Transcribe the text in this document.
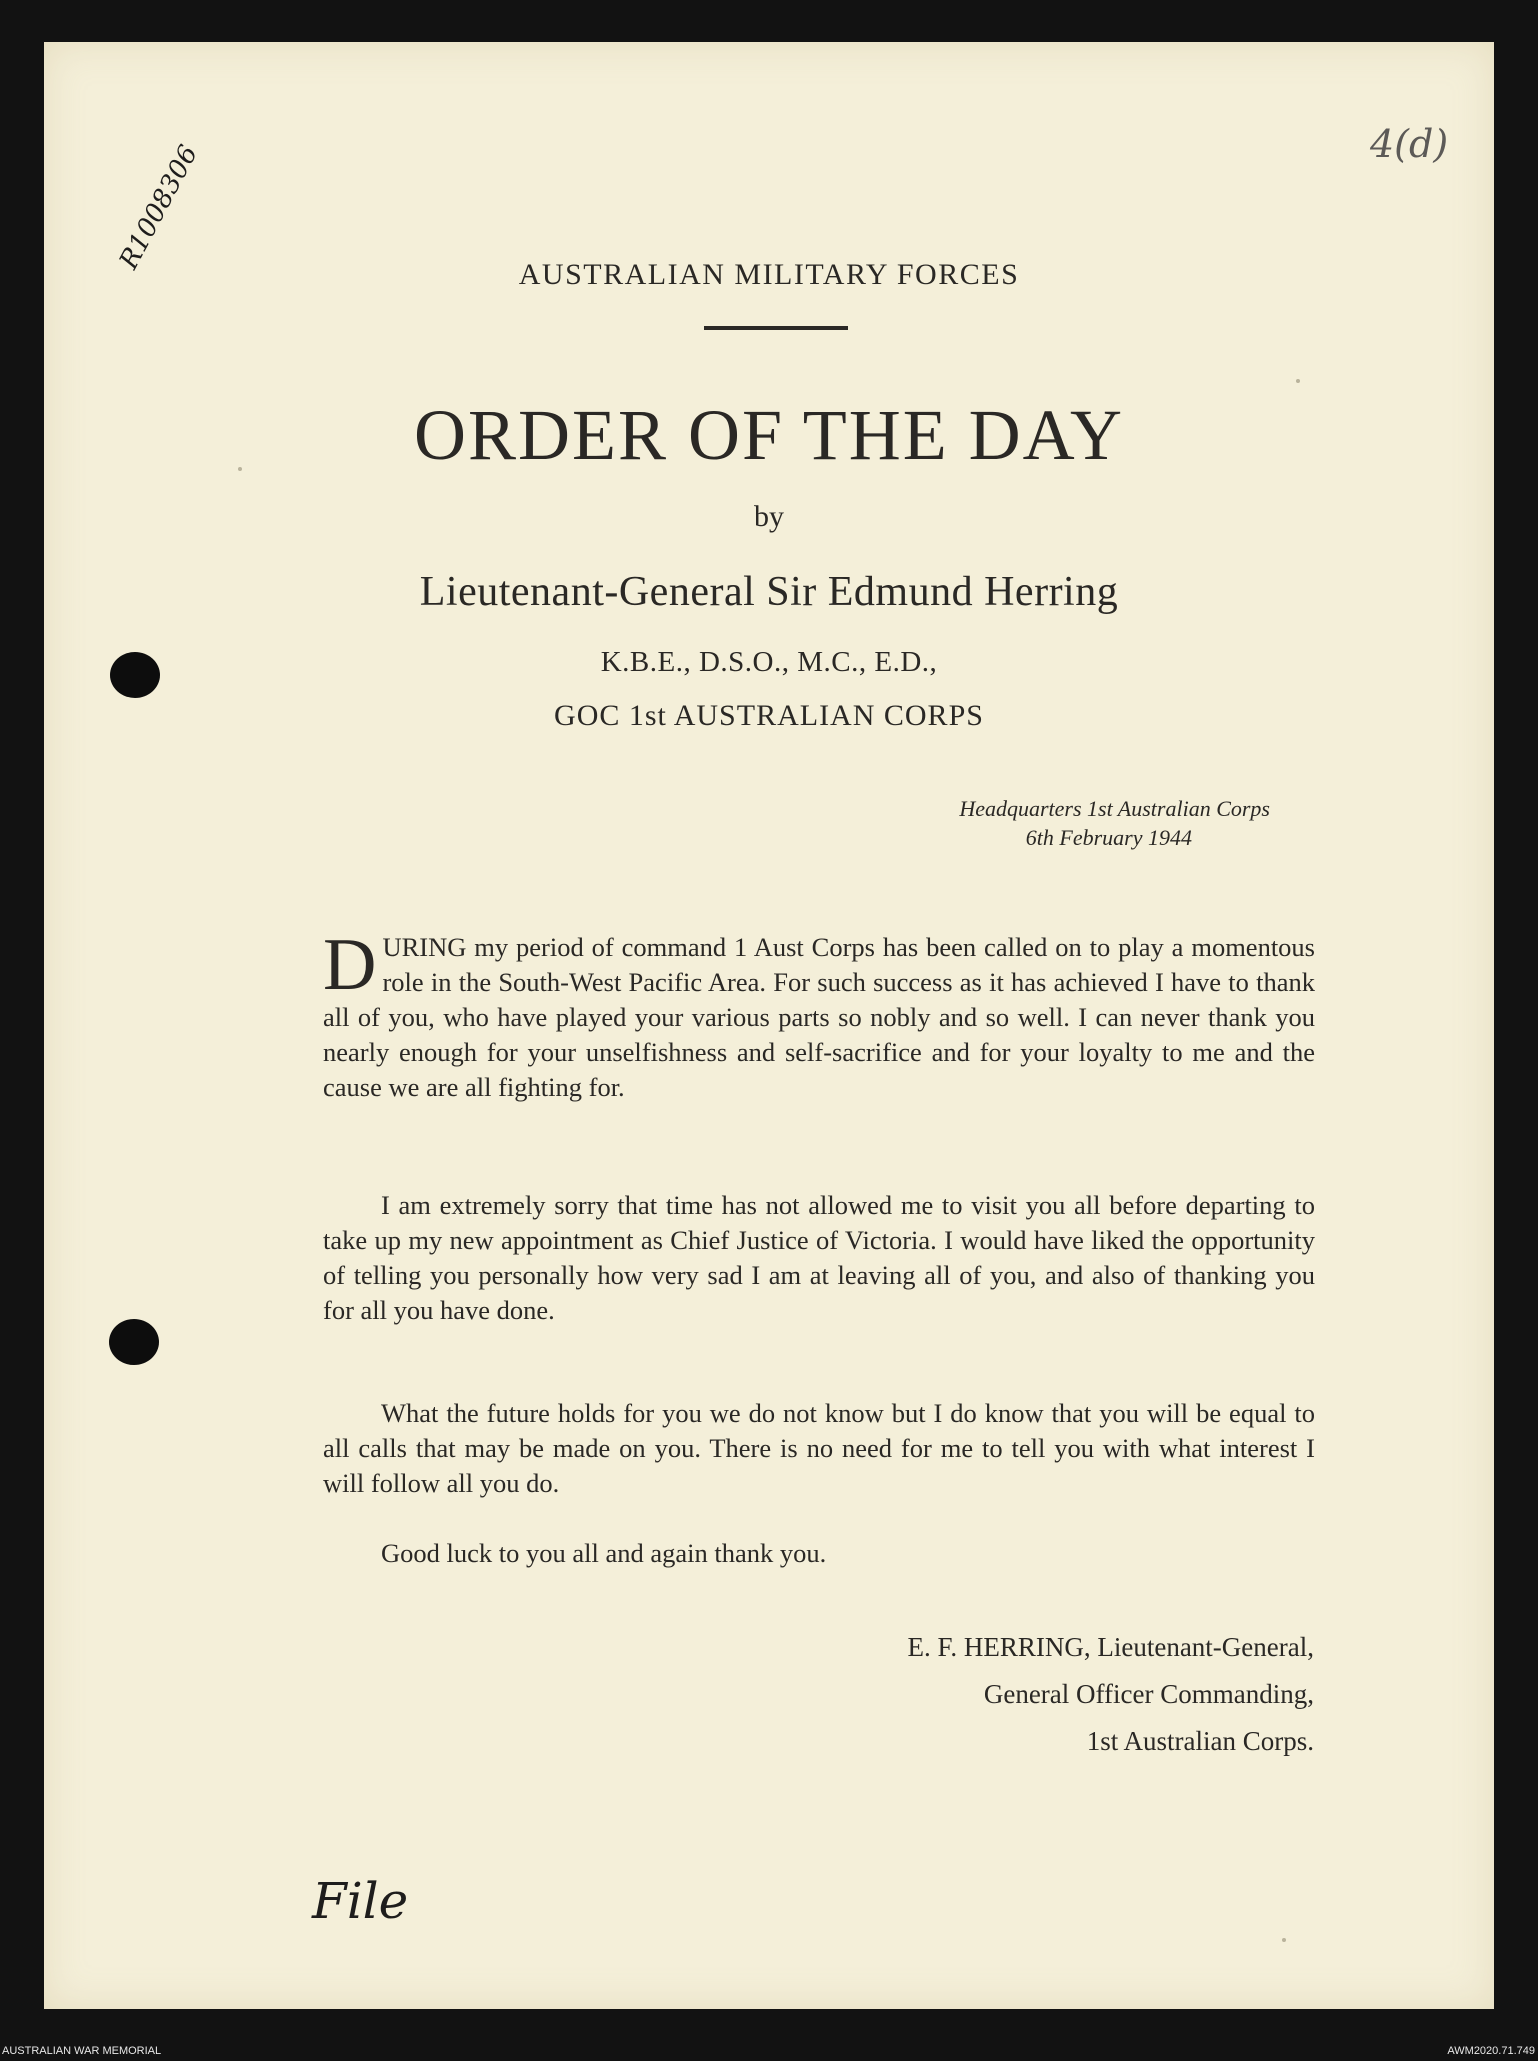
4(d)
R1008306
AUSTRALIAN MILITARY FORCES
ORDER OF THE DAY
by
Lieutenant-General Sir Edmund Herring
K.B.E., D.S.O., M.C., E.D.,
GOC 1st AUSTRALIAN CORPS
Headquarters 1st Australian Corps
6th February 1944
DURING my period of command 1 Aust Corps has been called on to play a momentous role in the South-West Pacific Area. For such success as it has achieved I have to thank all of you, who have played your various parts so nobly and so well. I can never thank you nearly enough for your unselfishness and self-sacrifice and for your loyalty to me and the cause we are all fighting for.
I am extremely sorry that time has not allowed me to visit you all before departing to take up my new appointment as Chief Justice of Victoria. I would have liked the opportunity of telling you personally how very sad I am at leaving all of you, and also of thanking you for all you have done.
What the future holds for you we do not know but I do know that you will be equal to all calls that may be made on you. There is no need for me to tell you with what interest I will follow all you do.
Good luck to you all and again thank you.
E. F. HERRING, Lieutenant-General,
General Officer Commanding,
1st Australian Corps.
File
AUSTRALIAN WAR MEMORIAL	AWM2020.71.749
